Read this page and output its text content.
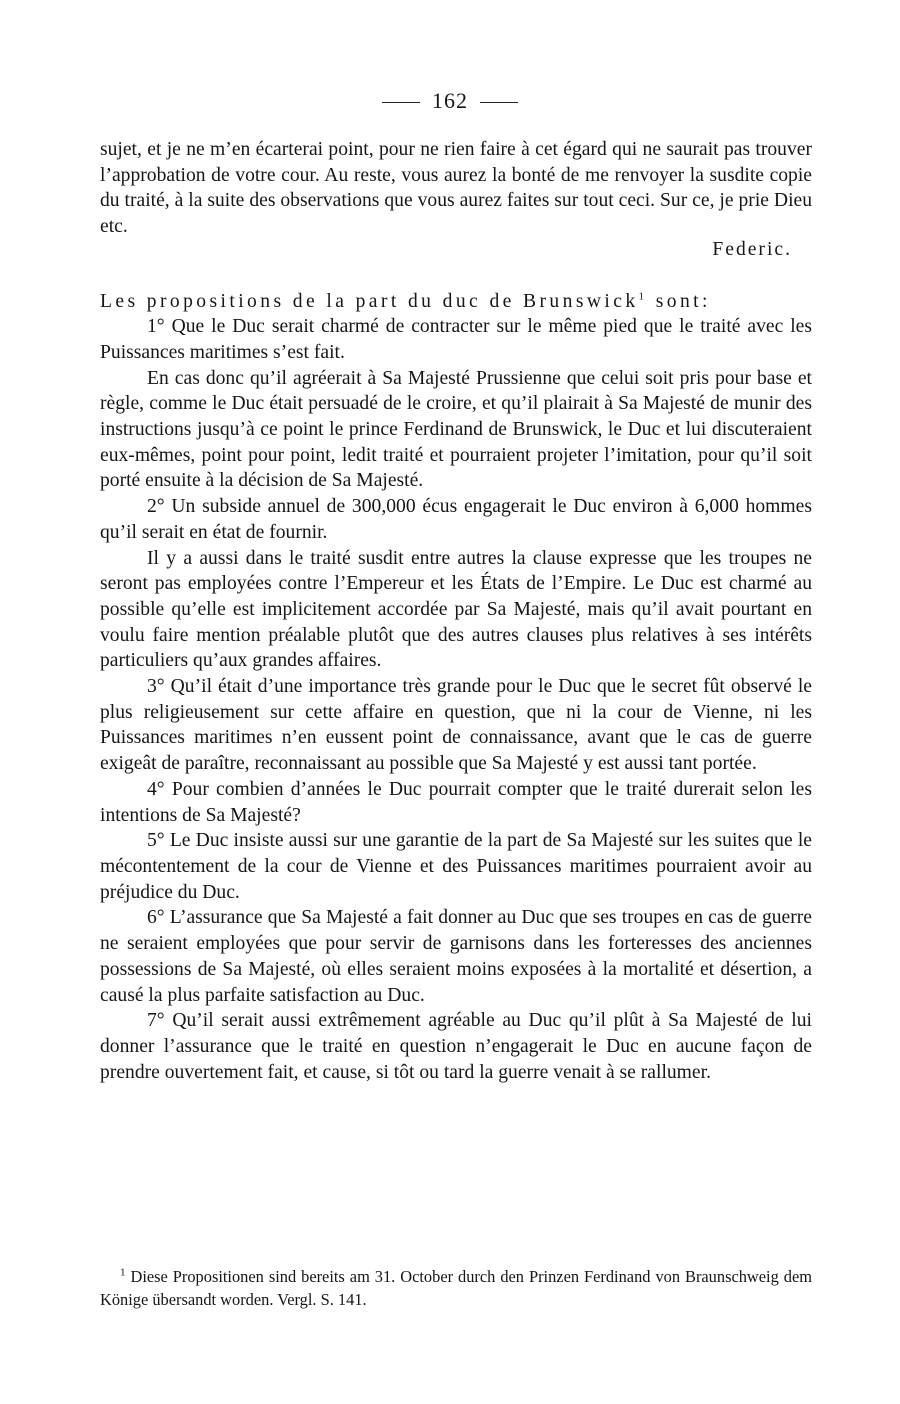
162

sujet, et je ne m’en écarterai point, pour ne rien faire à cet égard qui ne saurait pas trouver l’approbation de votre cour. Au reste, vous aurez la bonté de me renvoyer la susdite copie du traité, à la suite des observations que vous aurez faites sur tout ceci. Sur ce, je prie Dieu etc.

Federic.

Les propositions de la part du duc de Brunswick$^1$ sont:

1° Que le Duc serait charmé de contracter sur le même pied que le traité avec les Puissances maritimes s’est fait.

En cas donc qu’il agréerait à Sa Majesté Prussienne que celui soit pris pour base et règle, comme le Duc était persuadé de le croire, et qu’il plairait à Sa Majesté de munir des instructions jusqu’à ce point le prince Ferdinand de Brunswick, le Duc et lui discuteraient eux-mêmes, point pour point, ledit traité et pourraient projeter l’imitation, pour qu’il soit porté ensuite à la décision de Sa Majesté.

2° Un subside annuel de 300,000 écus engagerait le Duc environ à 6,000 hommes qu’il serait en état de fournir.

Il y a aussi dans le traité susdit entre autres la clause expresse que les troupes ne seront pas employées contre l’Empereur et les États de l’Empire. Le Duc est charmé au possible qu’elle est implicitement accordée par Sa Majesté, mais qu’il avait pourtant en voulu faire mention préalable plutôt que des autres clauses plus relatives à ses intérêts particuliers qu’aux grandes affaires.

3° Qu’il était d’une importance très grande pour le Duc que le secret fût observé le plus religieusement sur cette affaire en question, que ni la cour de Vienne, ni les Puissances maritimes n’en eussent point de connaissance, avant que le cas de guerre exigeât de paraître, reconnaissant au possible que Sa Majesté y est aussi tant portée.

4° Pour combien d’années le Duc pourrait compter que le traité durerait selon les intentions de Sa Majesté?

5° Le Duc insiste aussi sur une garantie de la part de Sa Majesté sur les suites que le mécontentement de la cour de Vienne et des Puissances maritimes pourraient avoir au préjudice du Duc.

6° L’assurance que Sa Majesté a fait donner au Duc que ses troupes en cas de guerre ne seraient employées que pour servir de garnisons dans les forteresses des anciennes possessions de Sa Majesté, où elles seraient moins exposées à la mortalité et désertion, a causé la plus parfaite satisfaction au Duc.

7° Qu’il serait aussi extrêmement agréable au Duc qu’il plût à Sa Majesté de lui donner l’assurance que le traité en question n’engagerait le Duc en aucune façon de prendre ouvertement fait, et cause, si tôt ou tard la guerre venait à se rallumer.

$^1$ Diese Propositionen sind bereits am 31. October durch den Prinzen Ferdinand von Braunschweig dem Könige übersandt worden. Vergl. S. 141.
